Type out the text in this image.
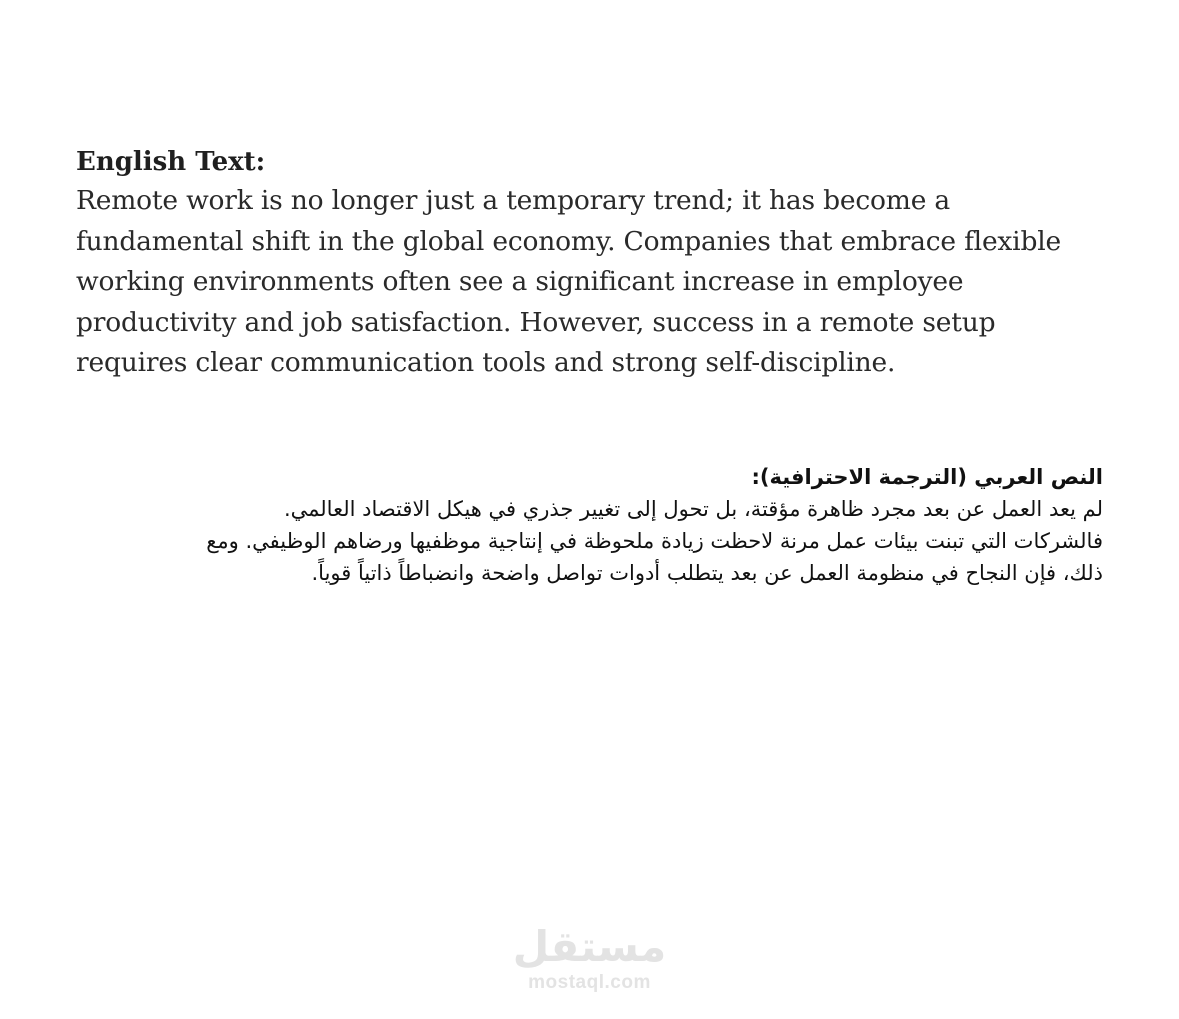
English Text:

Remote work is no longer just a temporary trend; it has become a
fundamental shift in the global economy. Companies that embrace flexible
working environments often see a significant increase in employee
productivity and job satisfaction. However, success in a remote setup
requires clear communication tools and strong self-discipline.

النص العربي (الترجمة الاحترافية):

لم يعد العمل عن بعد مجرد ظاهرة مؤقتة، بل تحول إلى تغيير جذري في هيكل الاقتصاد العالمي.
فالشركات التي تبنت بيئات عمل مرنة لاحظت زيادة ملحوظة في إنتاجية موظفيها ورضاهم الوظيفي. ومع
ذلك، فإن النجاح في منظومة العمل عن بعد يتطلب أدوات تواصل واضحة وانضباطاً ذاتياً قوياً.

مستقل
mostaql.com
